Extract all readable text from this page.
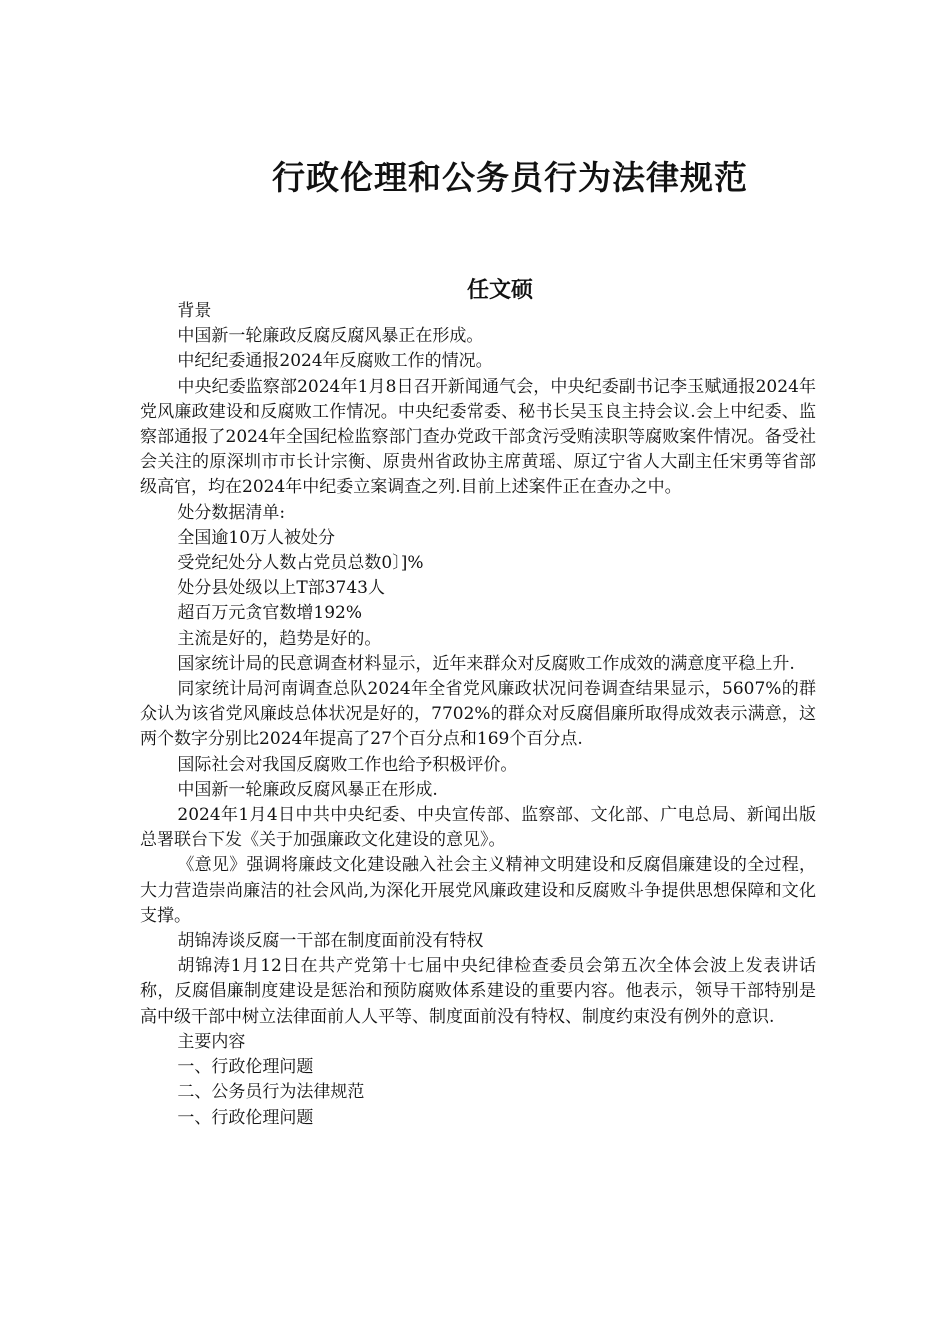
行政伦理和公务员行为法律规范
任文硕

背景

中国新一轮廉政反腐反腐风暴正在形成。

中纪纪委通报2024年反腐败工作的情况。

中央纪委监察部2024年1月8日召开新闻通气会，中央纪委副书记李玉赋通报2024年党风廉政建设和反腐败工作情况。中央纪委常委、秘书长吴玉良主持会议.会上中纪委、监察部通报了2024年全国纪检监察部门查办党政干部贪污受贿渎职等腐败案件情况。备受社会关注的原深圳市市长计宗衡、原贵州省政协主席黄瑶、原辽宁省人大副主任宋勇等省部级高官，均在2024年中纪委立案调查之列.目前上述案件正在查办之中。

处分数据清单:

全国逾10万人被处分

受党纪处分人数占党员总数0〕]%

处分县处级以上T部3743人

超百万元贪官数增192%

主流是好的，趋势是好的。

国家统计局的民意调查材料显示，近年来群众对反腐败工作成效的满意度平稳上升.

同家统计局河南调查总队2024年全省党风廉政状况问卷调查结果显示，5607%的群众认为该省党风廉歧总体状况是好的，7702%的群众对反腐倡廉所取得成效表示满意，这两个数字分别比2024年提高了27个百分点和169个百分点.

国际社会对我国反腐败工作也给予积极评价。

中国新一轮廉政反腐风暴正在形成.

2024年1月4日中共中央纪委、中央宣传部、监察部、文化部、广电总局、新闻出版总署联台下发《关于加强廉政文化建设的意见》。

《意见》强调将廉歧文化建设融入社会主义精神文明建设和反腐倡廉建设的全过程，大力营造崇尚廉洁的社会风尚,为深化开展党风廉政建设和反腐败斗争提供思想保障和文化支撑。

胡锦涛谈反腐一干部在制度面前没有特权

胡锦涛1月12日在共产党第十七届中央纪律检查委员会第五次全体会波上发表讲话称，反腐倡廉制度建设是惩治和预防腐败体系建设的重要内容。他表示，领导干部特别是高中级干部中树立法律面前人人平等、制度面前没有特权、制度约束没有例外的意识.

主要内容

一、行政伦理问题

二、公务员行为法律规范

一、行政伦理问题
